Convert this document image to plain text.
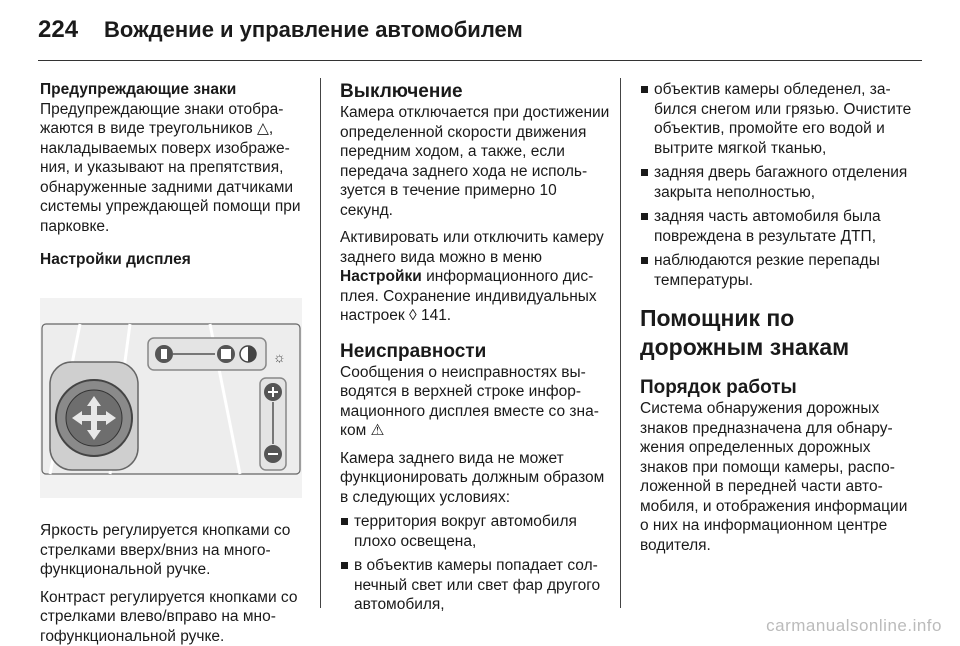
224 Вождение и управление автомобилем
Предупреждающие знаки

Предупреждающие знаки отображаются в виде треугольников △, накладываемых поверх изображения, и указывают на препятствия, обнаруженные задними датчиками системы упреждающей помощи при парковке.

Настройки дисплея
☼

Яркость регулируется кнопками со стрелками вверх/вниз на многофункциональной ручке.

Контраст регулируется кнопками со стрелками влево/вправо на многофункциональной ручке.

Выключение

Камера отключается при достижении определенной скорости движения передним ходом, а также, если передача заднего хода не используется в течение примерно 10 секунд.

Активировать или отключить камеру заднего вида можно в меню Настройки информационного дисплея. Сохранение индивидуальных настроек ◊ 141.

Неисправности

Сообщения о неисправностях выводятся в верхней строке информационного дисплея вместе со знаком ⚠

Камера заднего вида не может функционировать должным образом в следующих условиях:

территория вокруг автомобиля плохо освещена,
в объектив камеры попадает солнечный свет или свет фар другого автомобиля,
объектив камеры обледенел, забился снегом или грязью. Очистите объектив, промойте его водой и вытрите мягкой тканью,
задняя дверь багажного отделения закрыта неполностью,
задняя часть автомобиля была повреждена в результате ДТП,
наблюдаются резкие перепады температуры.
Помощник по дорожным знакам
Порядок работы

Система обнаружения дорожных знаков предназначена для обнаружения определенных дорожных знаков при помощи камеры, расположенной в передней части автомобиля, и отображения информации о них на информационном центре водителя.

carmanualsonline.info
